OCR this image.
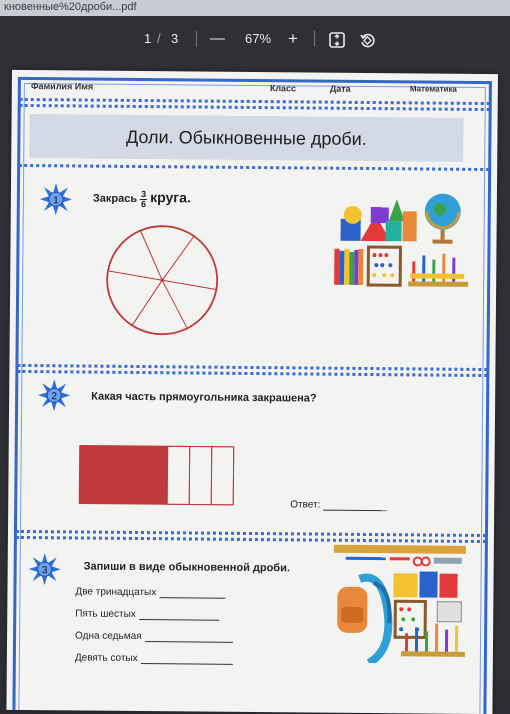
кновенные%20дроби...pdf
1 / 3 — 67% +
Фамилия Имя	Класс	Дата	Математика
Доли. Обыкновенные дроби.
1	Закрась $\frac{3}{6}$ круга.
2	Какая часть прямоугольника закрашена?
Ответ:
3	Запиши в виде обыкновенной дроби.
Две тринадцатых
Пять шестых
Одна седьмая
Девять сотых
